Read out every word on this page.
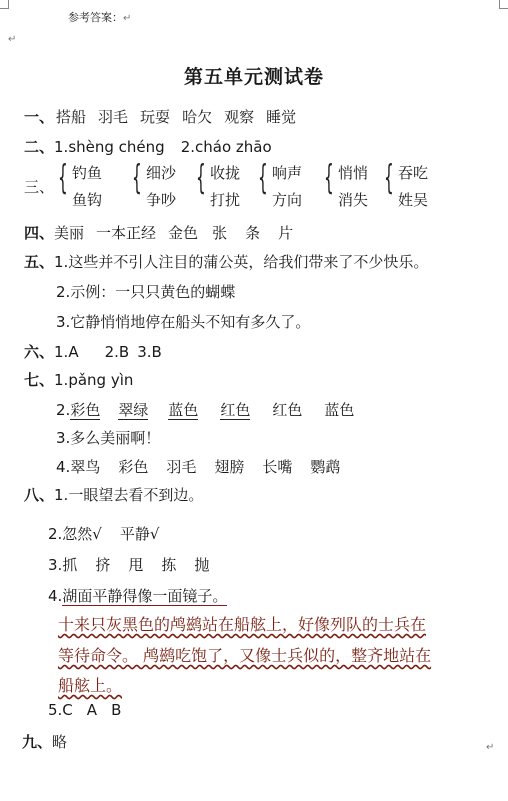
参考答案：↵
↵
第五单元测试卷
一、 搭船 羽毛 玩耍 哈欠 观察 睡觉
二、1.shèng chéng 2.cháo zhāo
三、 { 钓鱼
鱼钩
{ 细沙
争吵
{ 收拢
打扰
{ 响声
方向
{ 悄悄
消失
{ 吞吃
姓吴
四、美丽 一本正经 金色 张 条 片
五、1.这些并不引人注目的蒲公英，给我们带来了不少快乐。
2.示例：一只只黄色的蝴蝶
3.它静悄悄地停在船头不知有多久了。
六、1.A 2.B 3.B
七、1.pǎng yìn
2.彩色 翠绿 蓝色 红色 红色 蓝色
3.多么美丽啊！
4.翠鸟 彩色 羽毛 翅膀 长嘴 鹦鹉
八、1.一眼望去看不到边。
2.忽然√ 平静√
3.抓 挤 甩 拣 抛
4.湖面平静得像一面镜子。
十来只灰黑色的鸬鹚站在船舷上，好像列队的士兵在
等待命令。 鸬鹚吃饱了，又像士兵似的，整齐地站在
船舷上。
5.C A B
九、略	↵
